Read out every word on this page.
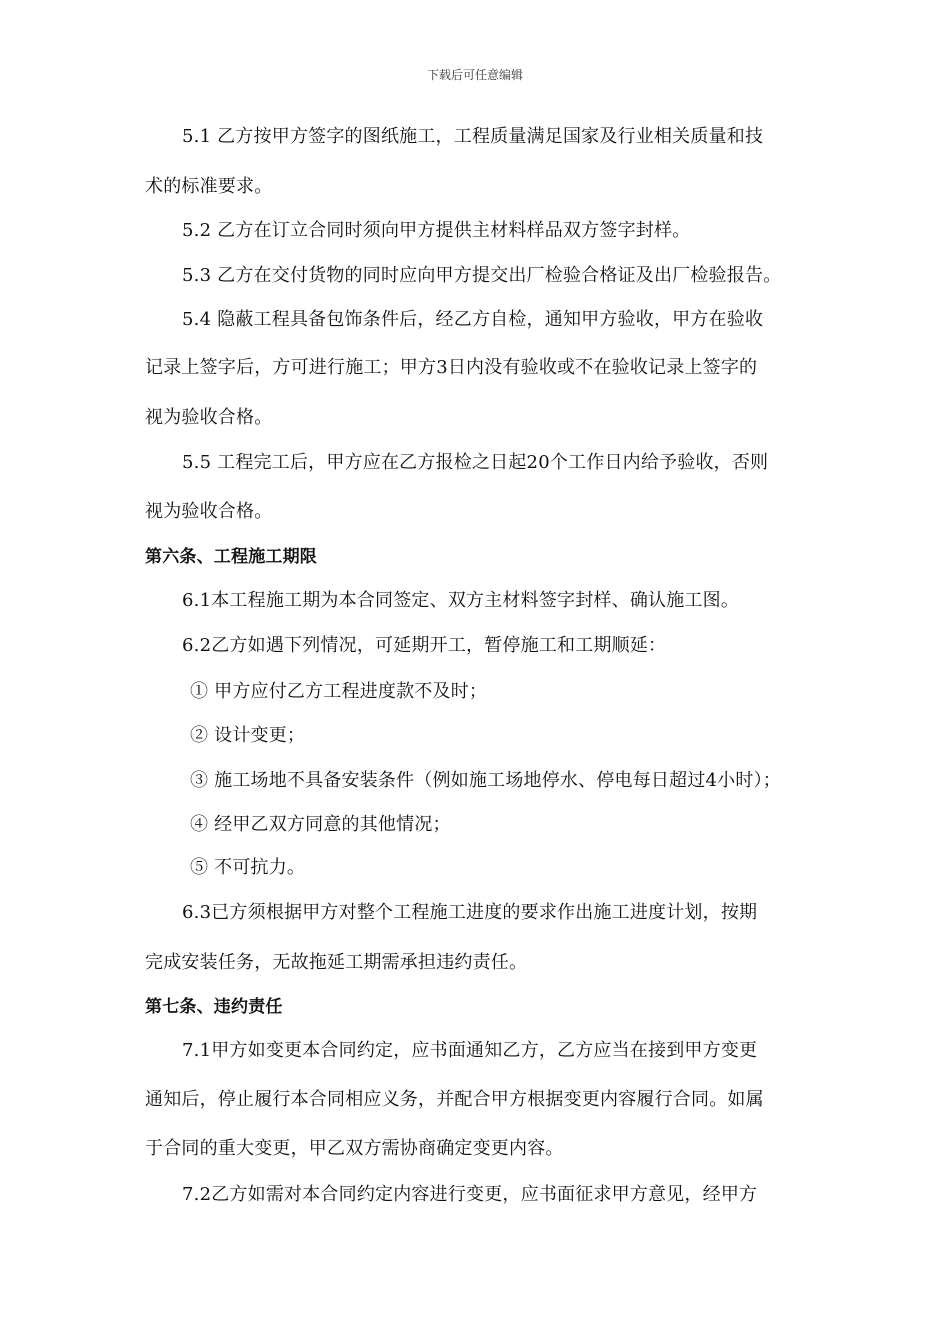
下载后可任意编辑
5.1 乙方按甲方签字的图纸施工，工程质量满足国家及行业相关质量和技
术的标准要求。
5.2 乙方在订立合同时须向甲方提供主材料样品双方签字封样。
5.3 乙方在交付货物的同时应向甲方提交出厂检验合格证及出厂检验报告。
5.4 隐蔽工程具备包饰条件后，经乙方自检，通知甲方验收，甲方在验收
记录上签字后，方可进行施工；甲方3日内没有验收或不在验收记录上签字的
视为验收合格。
5.5 工程完工后，甲方应在乙方报检之日起20个工作日内给予验收，否则
视为验收合格。
第六条、工程施工期限
6.1本工程施工期为本合同签定、双方主材料签字封样、确认施工图。
6.2乙方如遇下列情况，可延期开工，暂停施工和工期顺延：
① 甲方应付乙方工程进度款不及时；
② 设计变更；
③ 施工场地不具备安装条件（例如施工场地停水、停电每日超过4小时）；
④ 经甲乙双方同意的其他情况；
⑤ 不可抗力。
6.3已方须根据甲方对整个工程施工进度的要求作出施工进度计划，按期
完成安装任务，无故拖延工期需承担违约责任。
第七条、违约责任
7.1甲方如变更本合同约定，应书面通知乙方，乙方应当在接到甲方变更
通知后，停止履行本合同相应义务，并配合甲方根据变更内容履行合同。如属
于合同的重大变更，甲乙双方需协商确定变更内容。
7.2乙方如需对本合同约定内容进行变更，应书面征求甲方意见，经甲方
